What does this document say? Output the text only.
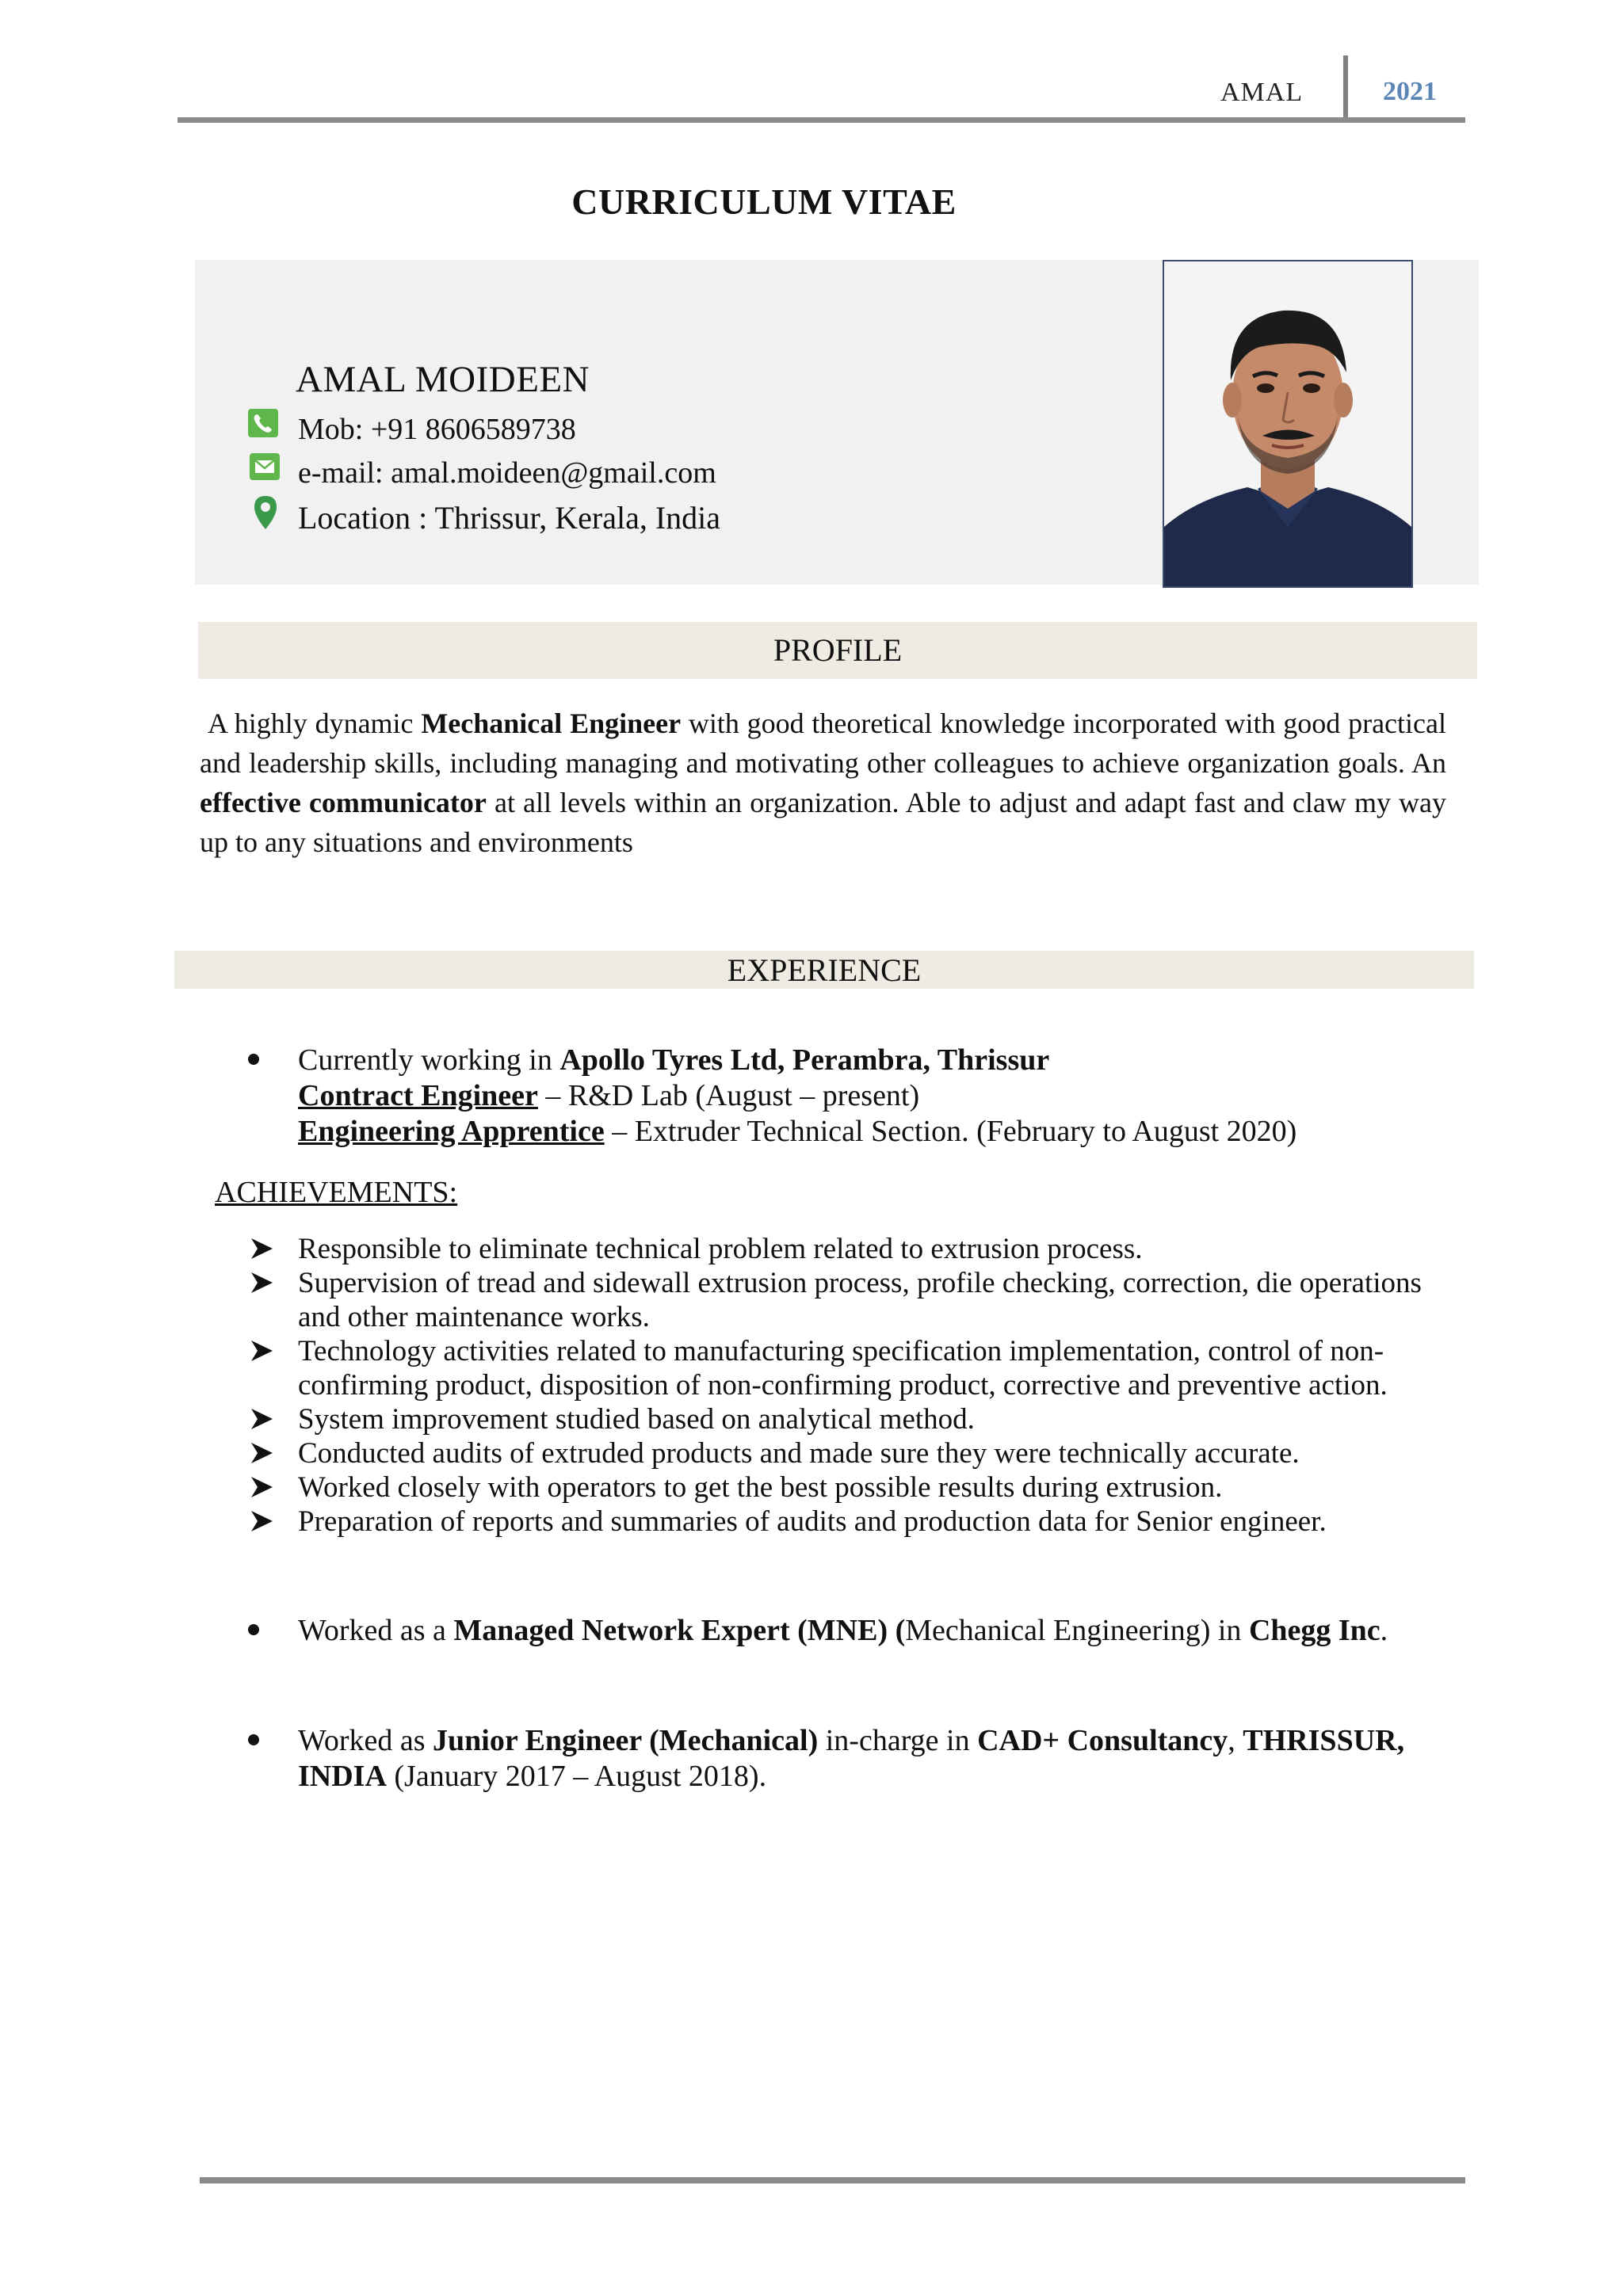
AMAL	2021
CURRICULUM VITAE
AMAL MOIDEEN
Mob: +91 8606589738
e-mail: amal.moideen@gmail.com
Location : Thrissur, Kerala, India
PROFILE

A highly dynamic Mechanical Engineer with good theoretical knowledge incorporated with good practical and leadership skills, including managing and motivating other colleagues to achieve organization goals. An effective communicator at all levels within an organization. Able to adjust and adapt fast and claw my way up to any situations and environments

EXPERIENCE
Currently working in Apollo Tyres Ltd, Perambra, Thrissur
Contract Engineer – R&D Lab (August – present)
Engineering Apprentice – Extruder Technical Section. (February to August 2020)
ACHIEVEMENTS:

Responsible to eliminate technical problem related to extrusion process.

Supervision of tread and sidewall extrusion process, profile checking, correction, die operations and other maintenance works.

Technology activities related to manufacturing specification implementation, control of non-confirming product, disposition of non-confirming product, corrective and preventive action.

System improvement studied based on analytical method.

Conducted audits of extruded products and made sure they were technically accurate.

Worked closely with operators to get the best possible results during extrusion.

Preparation of reports and summaries of audits and production data for Senior engineer.

Worked as a Managed Network Expert (MNE) (Mechanical Engineering) in Chegg Inc.
Worked as Junior Engineer (Mechanical) in-charge in CAD+ Consultancy, THRISSUR, INDIA (January 2017 – August 2018).
